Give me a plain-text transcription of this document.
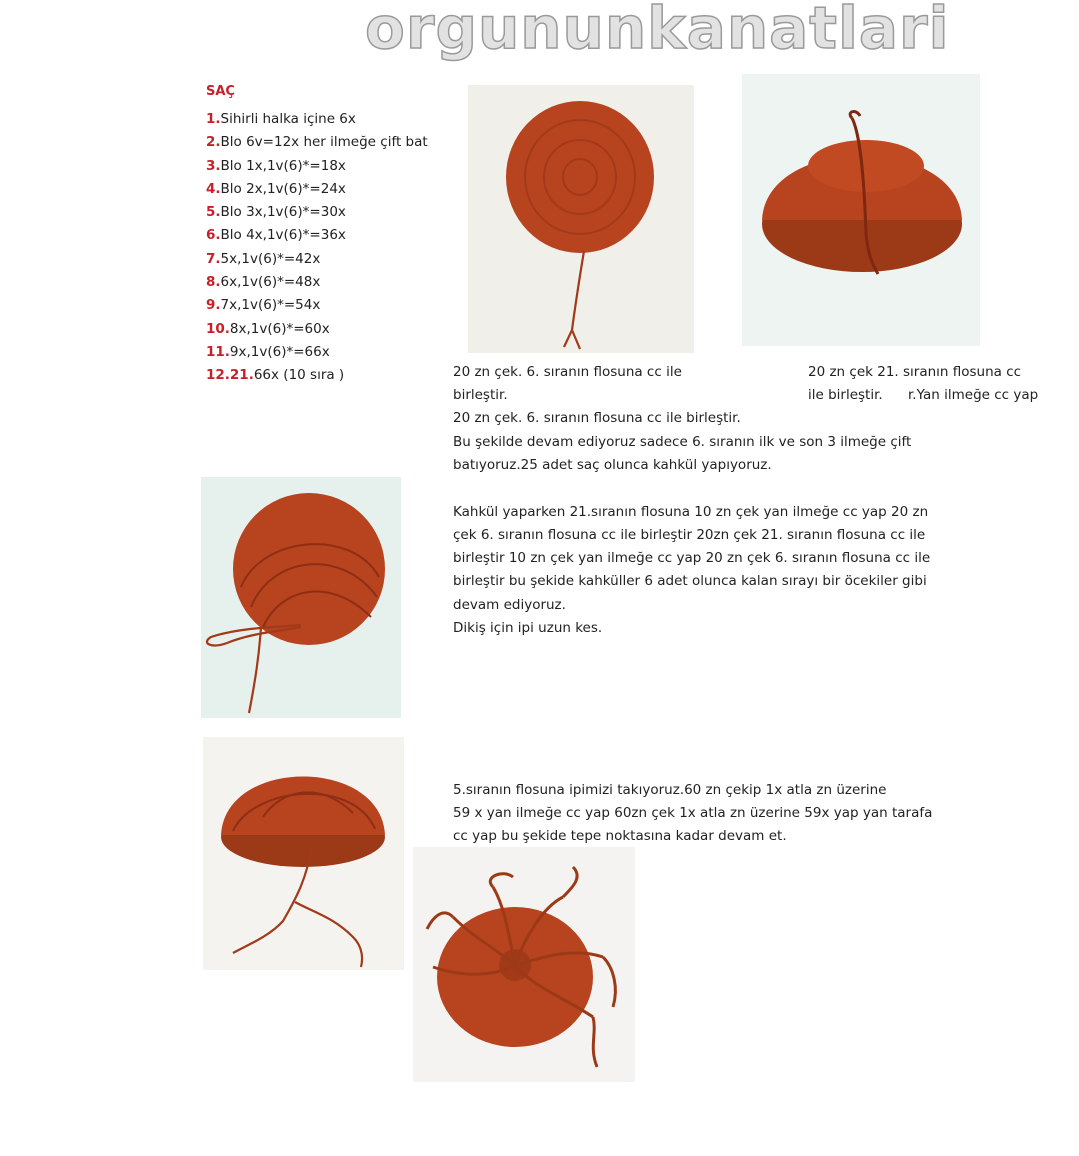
orgununkanatlari
SAÇ
1.Sihirli halka içine 6x
2.Blo 6v=12x her ilmeğe çift bat
3.Blo 1x,1v(6)*=18x
4.Blo 2x,1v(6)*=24x
5.Blo 3x,1v(6)*=30x
6.Blo 4x,1v(6)*=36x
7.5x,1v(6)*=42x
8.6x,1v(6)*=48x
9.7x,1v(6)*=54x
10.8x,1v(6)*=60x
11.9x,1v(6)*=66x
12.21.66x (10 sıra )	20 zn çek. 6. sıranın flosuna cc ile
birleştir.
20 zn çek. 6. sıranın flosuna cc ile birleştir.
Bu şekilde devam ediyoruz sadece 6. sıranın ilk ve son 3 ilmeğe çift
batıyoruz.25 adet saç olunca kahkül yapıyoruz.
20 zn çek 21. sıranın flosuna cc
ile birleştir. r.Yan ilmeğe cc yap
Kahkül yaparken 21.sıranın flosuna 10 zn çek yan ilmeğe cc yap 20 zn
çek 6. sıranın flosuna cc ile birleştir 20zn çek 21. sıranın flosuna cc ile
birleştir 10 zn çek yan ilmeğe cc yap 20 zn çek 6. sıranın flosuna cc ile
birleştir bu şekide kahküller 6 adet olunca kalan sırayı bir öcekiler gibi
devam ediyoruz.
Dikiş için ipi uzun kes.
5.sıranın flosuna ipimizi takıyoruz.60 zn çekip 1x atla zn üzerine
59 x yan ilmeğe cc yap 60zn çek 1x atla zn üzerine 59x yap yan tarafa
cc yap bu şekide tepe noktasına kadar devam et.
